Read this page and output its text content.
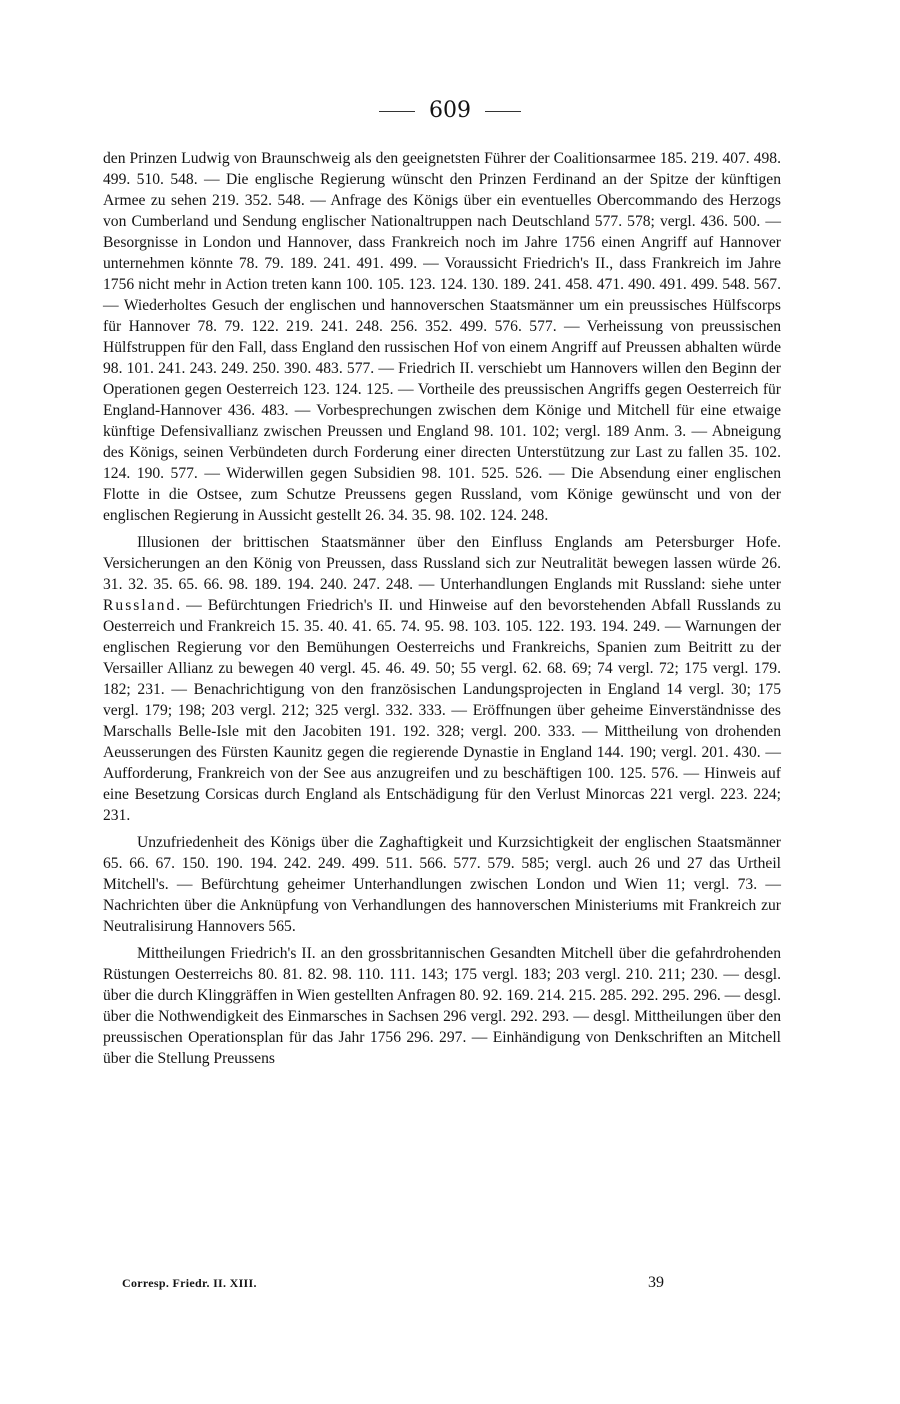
609

den Prinzen Ludwig von Braunschweig als den geeignetsten Führer der Coalitionsarmee 185. 219. 407. 498. 499. 510. 548. — Die englische Regierung wünscht den Prinzen Ferdinand an der Spitze der künftigen Armee zu sehen 219. 352. 548. — Anfrage des Königs über ein eventuelles Obercommando des Herzogs von Cumberland und Sendung englischer Nationaltruppen nach Deutschland 577. 578; vergl. 436. 500. — Besorgnisse in London und Hannover, dass Frankreich noch im Jahre 1756 einen Angriff auf Hannover unternehmen könnte 78. 79. 189. 241. 491. 499. — Voraussicht Friedrich's II., dass Frankreich im Jahre 1756 nicht mehr in Action treten kann 100. 105. 123. 124. 130. 189. 241. 458. 471. 490. 491. 499. 548. 567. — Wiederholtes Gesuch der englischen und hannoverschen Staatsmänner um ein preussisches Hülfscorps für Hannover 78. 79. 122. 219. 241. 248. 256. 352. 499. 576. 577. — Verheissung von preussischen Hülfstruppen für den Fall, dass England den russischen Hof von einem Angriff auf Preussen abhalten würde 98. 101. 241. 243. 249. 250. 390. 483. 577. — Friedrich II. verschiebt um Hannovers willen den Beginn der Operationen gegen Oesterreich 123. 124. 125. — Vortheile des preussischen Angriffs gegen Oesterreich für England-Hannover 436. 483. — Vorbesprechungen zwischen dem Könige und Mitchell für eine etwaige künftige Defensivallianz zwischen Preussen und England 98. 101. 102; vergl. 189 Anm. 3. — Abneigung des Königs, seinen Verbündeten durch Forderung einer directen Unterstützung zur Last zu fallen 35. 102. 124. 190. 577. — Widerwillen gegen Subsidien 98. 101. 525. 526. — Die Absendung einer englischen Flotte in die Ostsee, zum Schutze Preussens gegen Russland, vom Könige gewünscht und von der englischen Regierung in Aussicht gestellt 26. 34. 35. 98. 102. 124. 248.

Illusionen der brittischen Staatsmänner über den Einfluss Englands am Petersburger Hofe. Versicherungen an den König von Preussen, dass Russland sich zur Neutralität bewegen lassen würde 26. 31. 32. 35. 65. 66. 98. 189. 194. 240. 247. 248. — Unterhandlungen Englands mit Russland: siehe unter Russland. — Befürchtungen Friedrich's II. und Hinweise auf den bevorstehenden Abfall Russlands zu Oesterreich und Frankreich 15. 35. 40. 41. 65. 74. 95. 98. 103. 105. 122. 193. 194. 249. — Warnungen der englischen Regierung vor den Bemühungen Oesterreichs und Frankreichs, Spanien zum Beitritt zu der Versailler Allianz zu bewegen 40 vergl. 45. 46. 49. 50; 55 vergl. 62. 68. 69; 74 vergl. 72; 175 vergl. 179. 182; 231. — Benachrichtigung von den französischen Landungsprojecten in England 14 vergl. 30; 175 vergl. 179; 198; 203 vergl. 212; 325 vergl. 332. 333. — Eröffnungen über geheime Einverständnisse des Marschalls Belle-Isle mit den Jacobiten 191. 192. 328; vergl. 200. 333. — Mittheilung von drohenden Aeusserungen des Fürsten Kaunitz gegen die regierende Dynastie in England 144. 190; vergl. 201. 430. — Aufforderung, Frankreich von der See aus anzugreifen und zu beschäftigen 100. 125. 576. — Hinweis auf eine Besetzung Corsicas durch England als Entschädigung für den Verlust Minorcas 221 vergl. 223. 224; 231.

Unzufriedenheit des Königs über die Zaghaftigkeit und Kurzsichtigkeit der englischen Staatsmänner 65. 66. 67. 150. 190. 194. 242. 249. 499. 511. 566. 577. 579. 585; vergl. auch 26 und 27 das Urtheil Mitchell's. — Befürchtung geheimer Unterhandlungen zwischen London und Wien 11; vergl. 73. — Nachrichten über die Anknüpfung von Verhandlungen des hannoverschen Ministeriums mit Frankreich zur Neutralisirung Hannovers 565.

Mittheilungen Friedrich's II. an den grossbritannischen Gesandten Mitchell über die gefahrdrohenden Rüstungen Oesterreichs 80. 81. 82. 98. 110. 111. 143; 175 vergl. 183; 203 vergl. 210. 211; 230. — desgl. über die durch Klinggräffen in Wien gestellten Anfragen 80. 92. 169. 214. 215. 285. 292. 295. 296. — desgl. über die Nothwendigkeit des Einmarsches in Sachsen 296 vergl. 292. 293. — desgl. Mittheilungen über den preussischen Operationsplan für das Jahr 1756 296. 297. — Einhändigung von Denkschriften an Mitchell über die Stellung Preussens

Corresp. Friedr. II. XIII.	39
